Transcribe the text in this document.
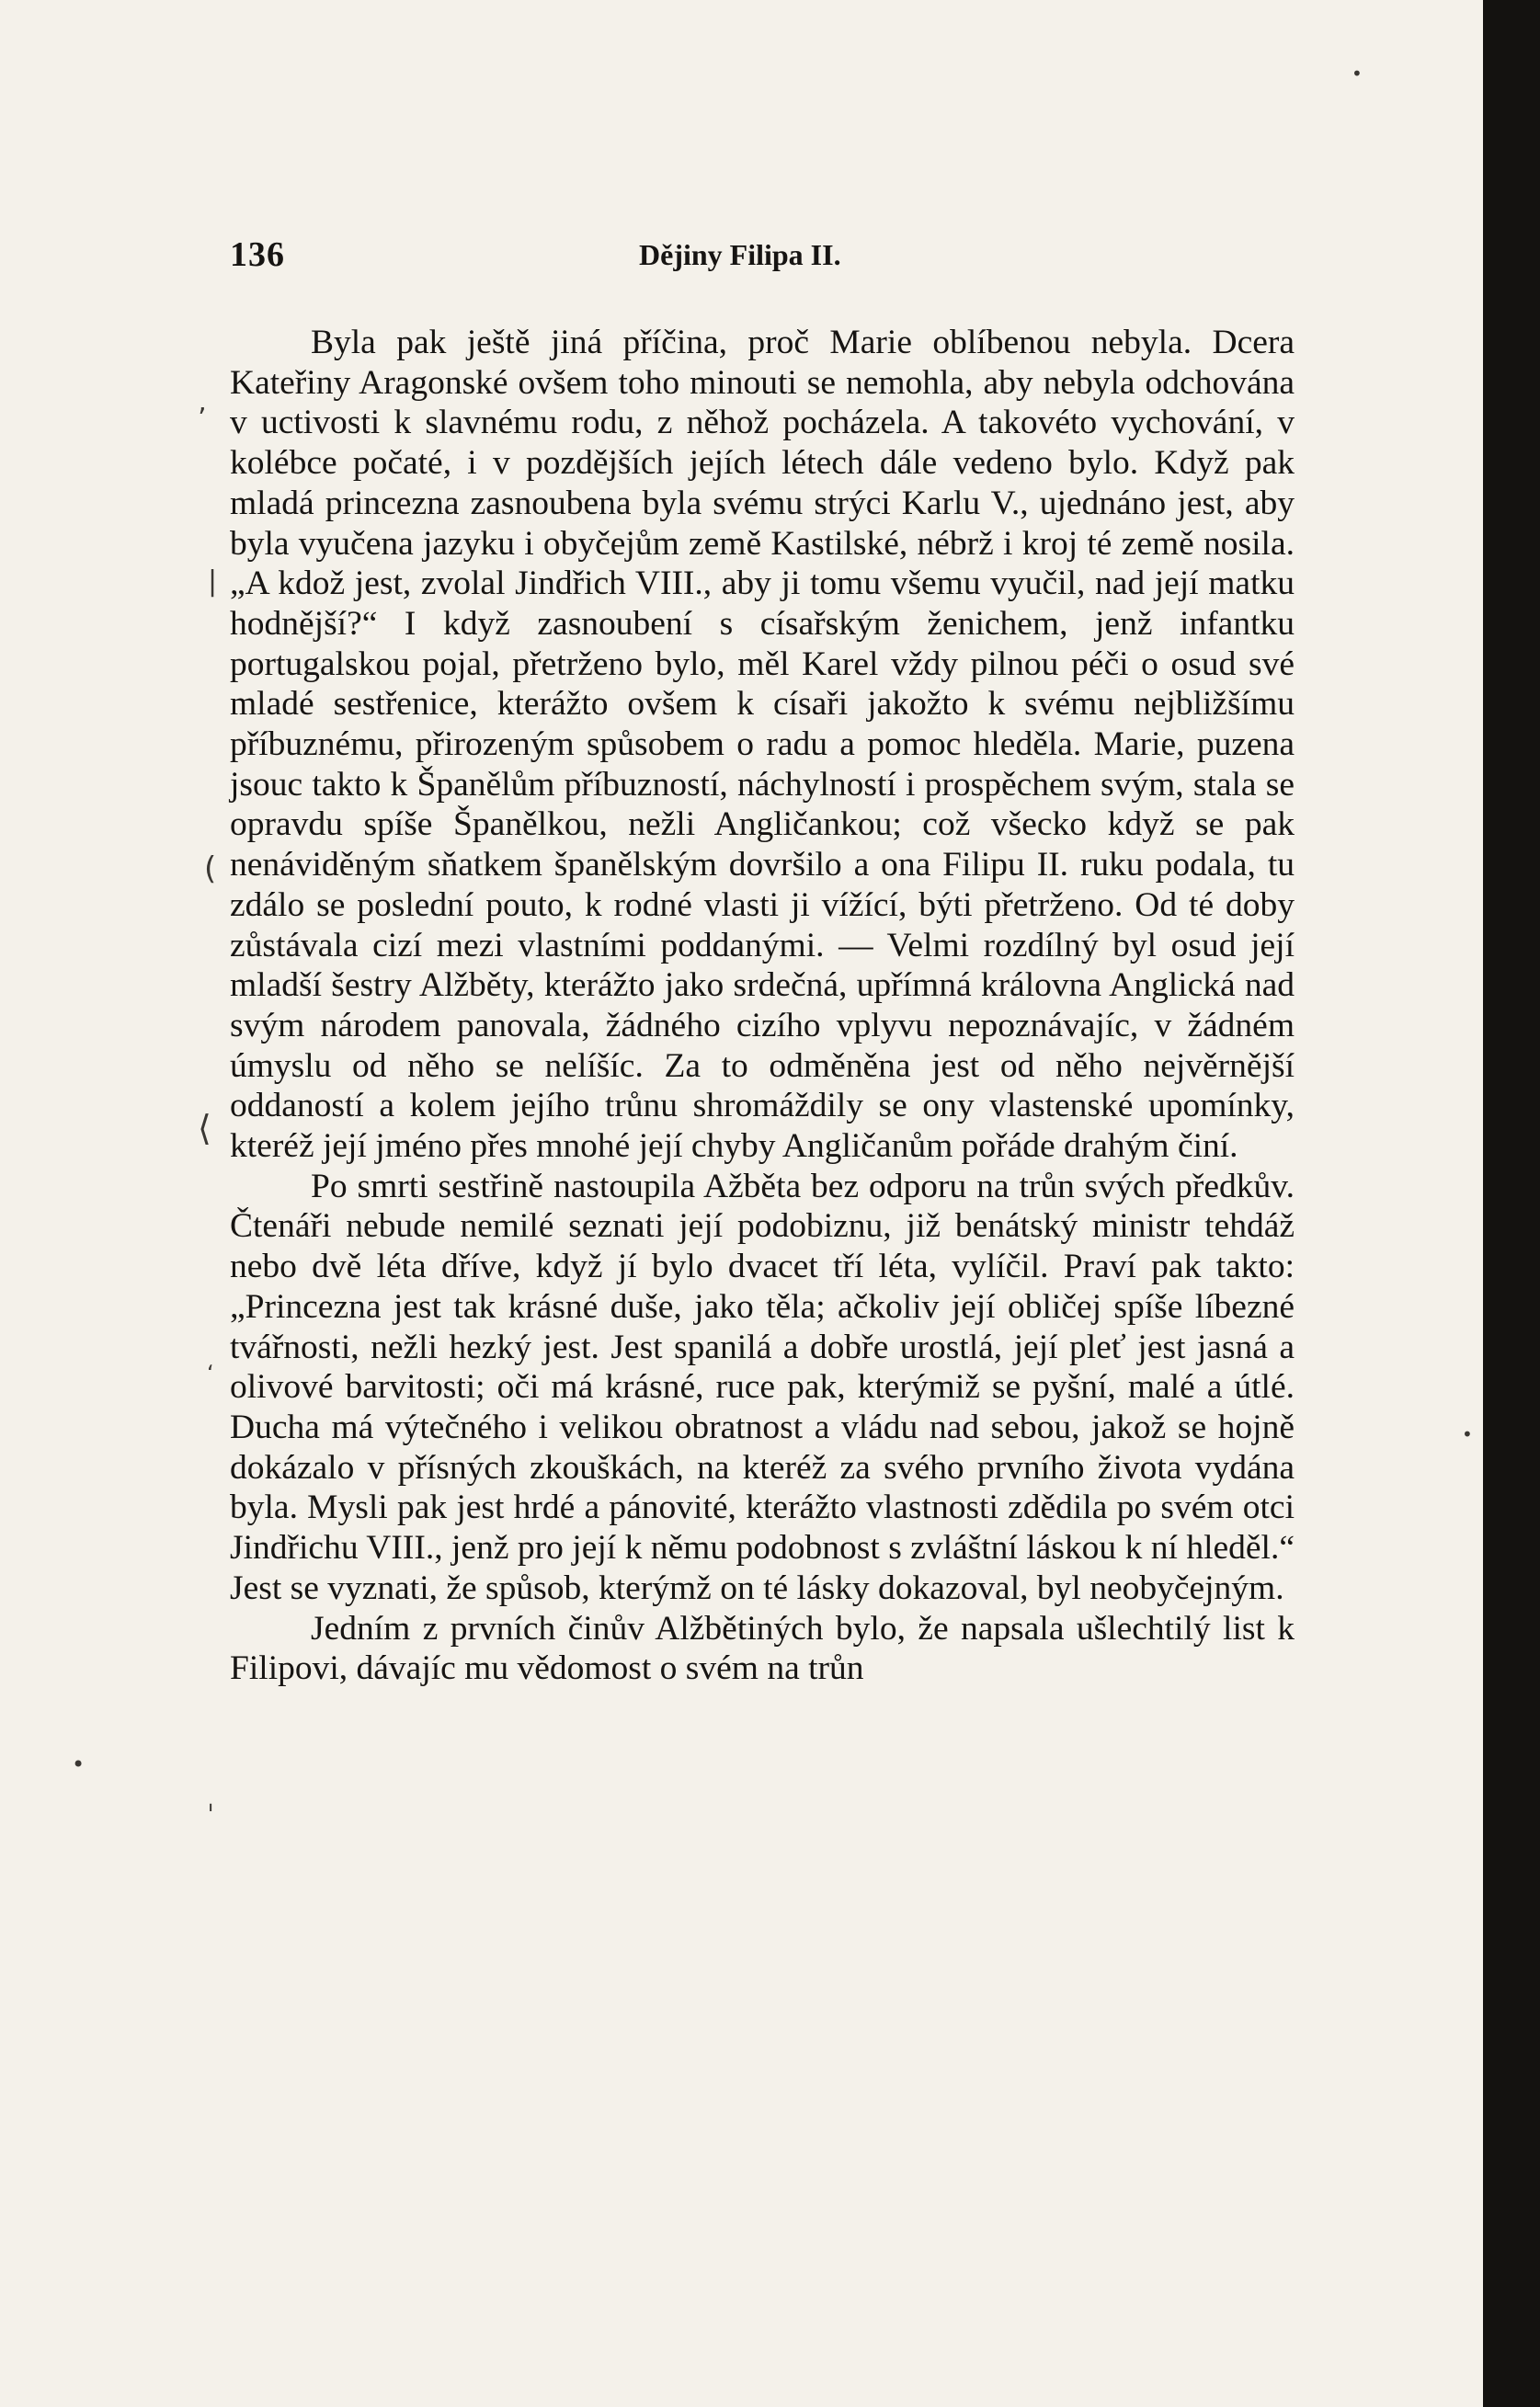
ʼ
|
(
⟨
ʻ
•
ˈ
•
•
136	Dějiny Filipa II.

Byla pak ještě jiná příčina, proč Marie oblíbenou nebyla. Dcera Kateřiny Aragonské ovšem toho minouti se nemohla, aby nebyla odchována v uctivosti k slavnému rodu, z něhož pocházela. A takovéto vychování, v kolébce počaté, i v pozdějších jejích létech dále vedeno bylo. Když pak mladá princezna zasnoubena byla svému strýci Karlu V., ujednáno jest, aby byla vyučena jazyku i obyčejům země Kastilské, nébrž i kroj té země nosila. „A kdož jest, zvolal Jindřich VIII., aby ji tomu všemu vyučil, nad její matku hodnější?“ I když zasnoubení s císařským ženichem, jenž infantku portugalskou pojal, přetrženo bylo, měl Karel vždy pilnou péči o osud své mladé sestřenice, kterážto ovšem k císaři jakožto k svému nejbližšímu příbuznému, přirozeným spůsobem o radu a pomoc hleděla. Marie, puzena jsouc takto k Španělům příbuzností, náchylností i prospěchem svým, stala se opravdu spíše Španělkou, nežli Angličankou; což všecko když se pak nenáviděným sňatkem španělským dovršilo a ona Filipu II. ruku podala, tu zdálo se poslední pouto, k rodné vlasti ji vížící, býti přetrženo. Od té doby zůstávala cizí mezi vlastními poddanými. — Velmi rozdílný byl osud její mladší šestry Alžběty, kterážto jako srdečná, upřímná královna Anglická nad svým národem panovala, žádného cizího vplyvu nepoznávajíc, v žádném úmyslu od něho se nelíšíc. Za to odměněna jest od něho nejvěrnější oddaností a kolem jejího trůnu shromáždily se ony vlastenské upomínky, kteréž její jméno přes mnohé její chyby Angličanům pořáde drahým činí.

Po smrti sestřině nastoupila Ažběta bez odporu na trůn svých předkův. Čtenáři nebude nemilé seznati její podobiznu, již benátský ministr tehdáž nebo dvě léta dříve, když jí bylo dvacet tří léta, vylíčil. Praví pak takto: „Princezna jest tak krásné duše, jako těla; ačkoliv její obličej spíše líbezné tvářnosti, nežli hezký jest. Jest spanilá a dobře urostlá, její pleť jest jasná a olivové barvitosti; oči má krásné, ruce pak, kterýmiž se pyšní, malé a útlé. Ducha má výtečného i velikou obratnost a vládu nad sebou, jakož se hojně dokázalo v přísných zkouškách, na kteréž za svého prvního života vydána byla. Mysli pak jest hrdé a pánovité, kterážto vlastnosti zdědila po svém otci Jindřichu VIII., jenž pro její k němu podobnost s zvláštní láskou k ní hleděl.“ Jest se vyznati, že spůsob, kterýmž on té lásky dokazoval, byl neobyčejným.

Jedním z prvních činův Alžbětiných bylo, že napsala ušlechtilý list k Filipovi, dávajíc mu vědomost o svém na trůn
